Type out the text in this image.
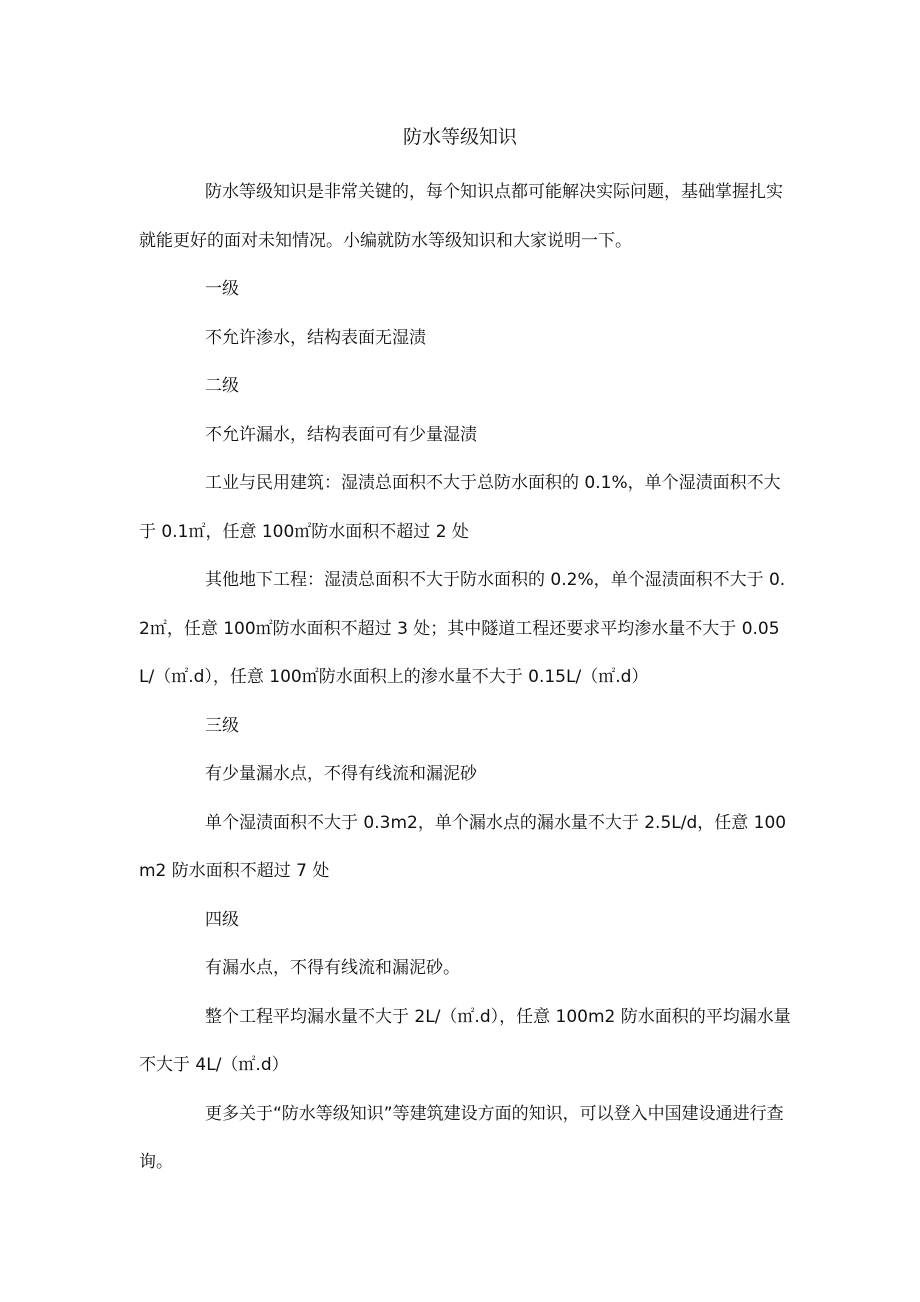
防水等级知识

防水等级知识是非常关键的，每个知识点都可能解决实际问题，基础掌握扎实就能更好的面对未知情况。小编就防水等级知识和大家说明一下。

一级

不允许渗水，结构表面无湿渍

二级

不允许漏水，结构表面可有少量湿渍

工业与民用建筑：湿渍总面积不大于总防水面积的 0.1%，单个湿渍面积不大于 0.1㎡，任意 100㎡防水面积不超过 2 处

其他地下工程：湿渍总面积不大于防水面积的 0.2%，单个湿渍面积不大于 0.2㎡，任意 100㎡防水面积不超过 3 处；其中隧道工程还要求平均渗水量不大于 0.05L/（㎡.d），任意 100㎡防水面积上的渗水量不大于 0.15L/（㎡.d）

三级

有少量漏水点，不得有线流和漏泥砂

单个湿渍面积不大于 0.3m2，单个漏水点的漏水量不大于 2.5L/d，任意 100m2 防水面积不超过 7 处

四级

有漏水点，不得有线流和漏泥砂。

整个工程平均漏水量不大于 2L/（㎡.d），任意 100m2 防水面积的平均漏水量不大于 4L/（㎡.d）

更多关于“防水等级知识”等建筑建设方面的知识，可以登入中国建设通进行查询。
